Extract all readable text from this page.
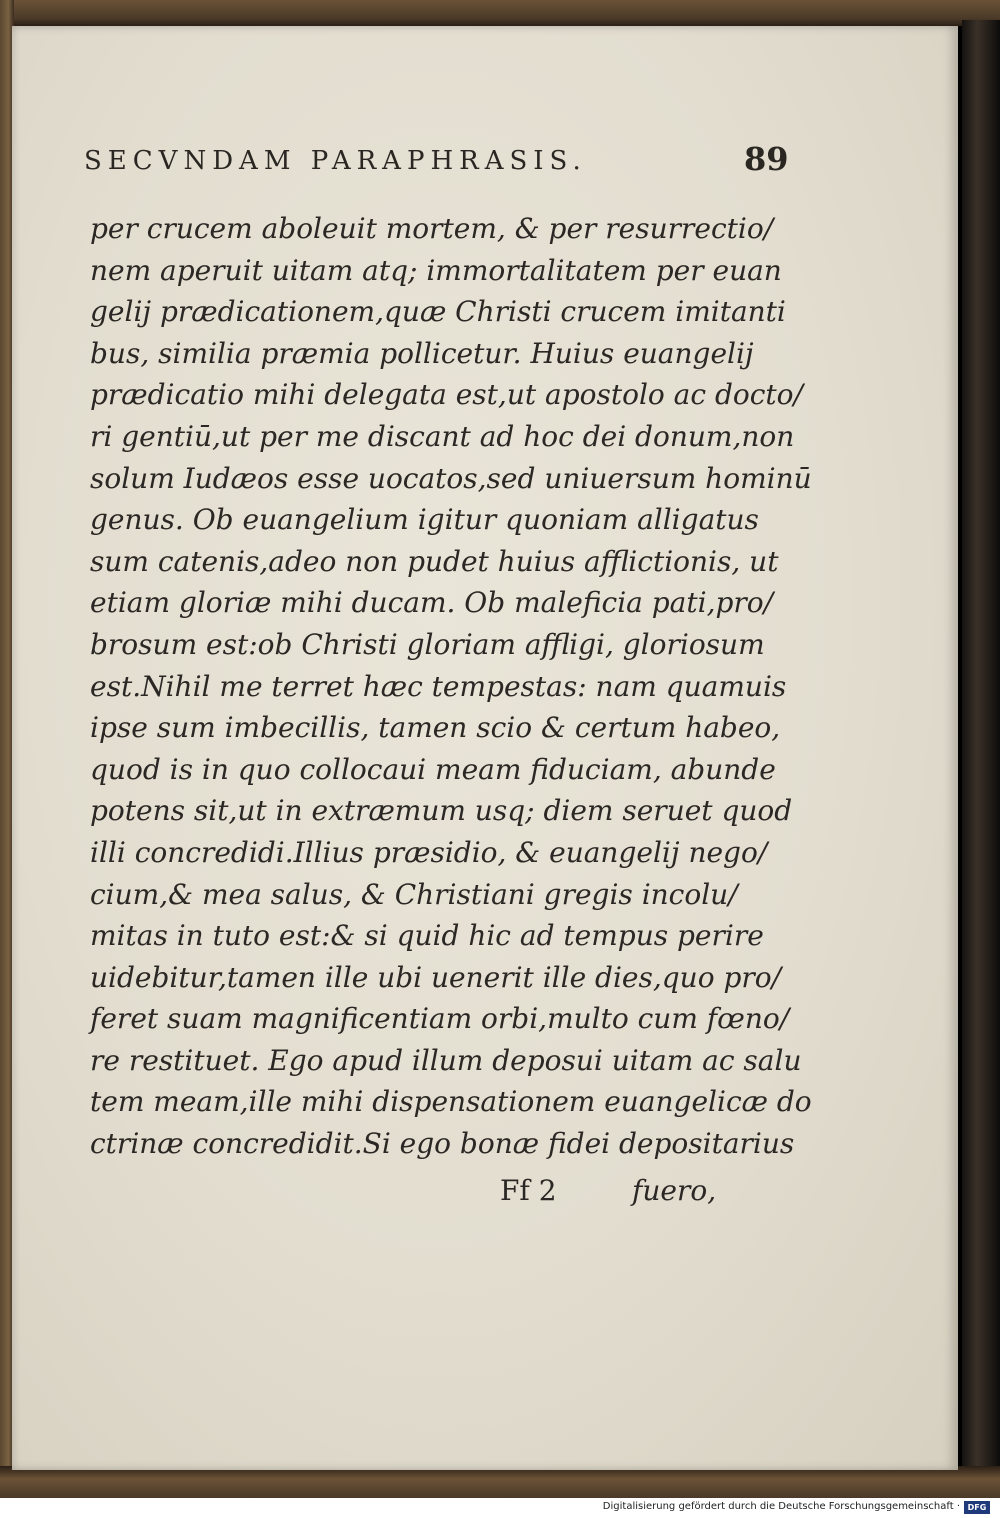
SECVNDAM PARAPHRASIS.	89
per crucem aboleuit mortem, & per resurrectio/
nem aperuit uitam atq; immortalitatem per euan
gelij prædicationem,quæ Christi crucem imitanti
bus, similia præmia pollicetur. Huius euangelij
prædicatio mihi delegata est,ut apostolo ac docto/
ri gentiū,ut per me discant ad hoc dei donum,non
solum Iudæos esse uocatos,sed uniuersum hominū
genus. Ob euangelium igitur quoniam alligatus
sum catenis,adeo non pudet huius afflictionis, ut
etiam gloriæ mihi ducam. Ob maleficia pati,pro/
brosum est:ob Christi gloriam affligi, gloriosum
est.Nihil me terret hæc tempestas: nam quamuis
ipse sum imbecillis, tamen scio & certum habeo,
quod is in quo collocaui meam fiduciam, abunde
potens sit,ut in extræmum usq; diem seruet quod
illi concredidi.Illius præsidio, & euangelij nego/
cium,& mea salus, & Christiani gregis incolu/
mitas in tuto est:& si quid hic ad tempus perire
uidebitur,tamen ille ubi uenerit ille dies,quo pro/
feret suam magnificentiam orbi,multo cum fœno/
re restituet. Ego apud illum deposui uitam ac salu
tem meam,ille mihi dispensationem euangelicæ do
ctrinæ concredidit.Si ego bonæ fidei depositarius
Ff 2	fuero,
Digitalisierung gefördert durch die Deutsche Forschungsgemeinschaft · DFG
